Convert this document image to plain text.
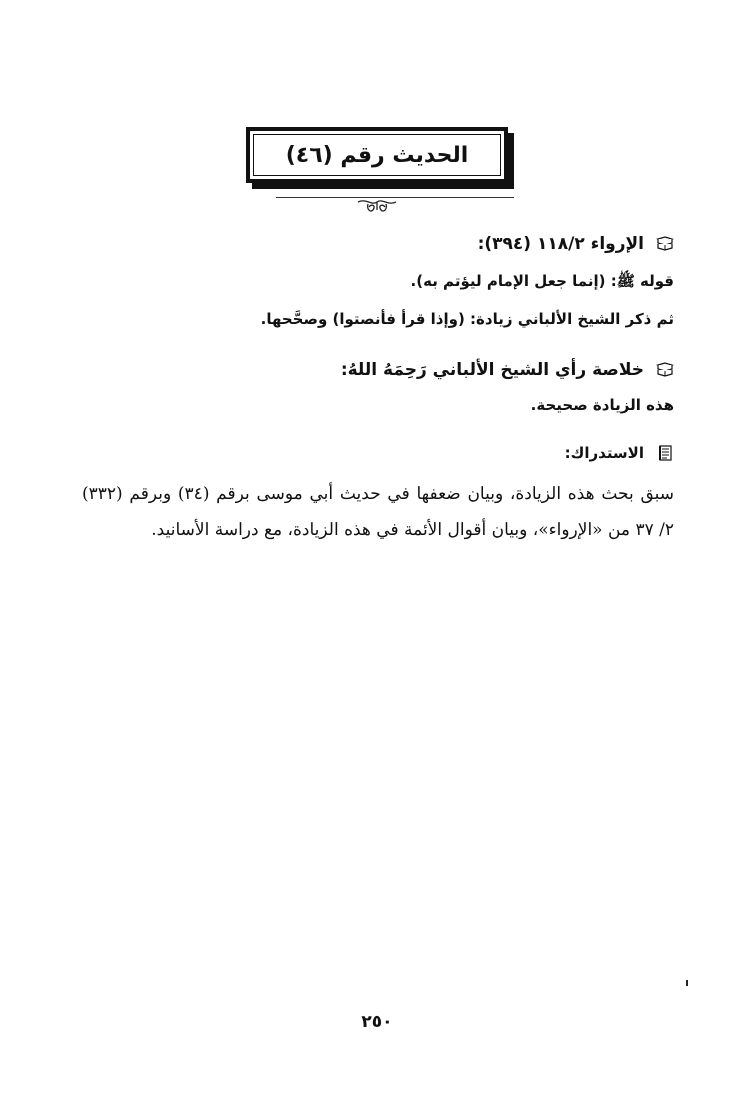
الحديث رقم (٤٦)
الإرواء ١١٨/٢ (٣٩٤):
قوله ﷺ: (إنما جعل الإمام ليؤتم به).
ثم ذكر الشيخ الألباني زيادة: (وإذا قرأ فأنصتوا) وصحَّحها.
خلاصة رأي الشيخ الألباني رَحِمَهُ اللهُ:
هذه الزيادة صحيحة.
الاستدراك:
سبق بحث هذه الزيادة، وبيان ضعفها في حديث أبي موسى برقم (٣٤) وبرقم (٣٣٢) ٢/ ٣٧ من «الإرواء»، وبيان أقوال الأئمة في هذه الزيادة، مع دراسة الأسانيد.
٢٥٠
